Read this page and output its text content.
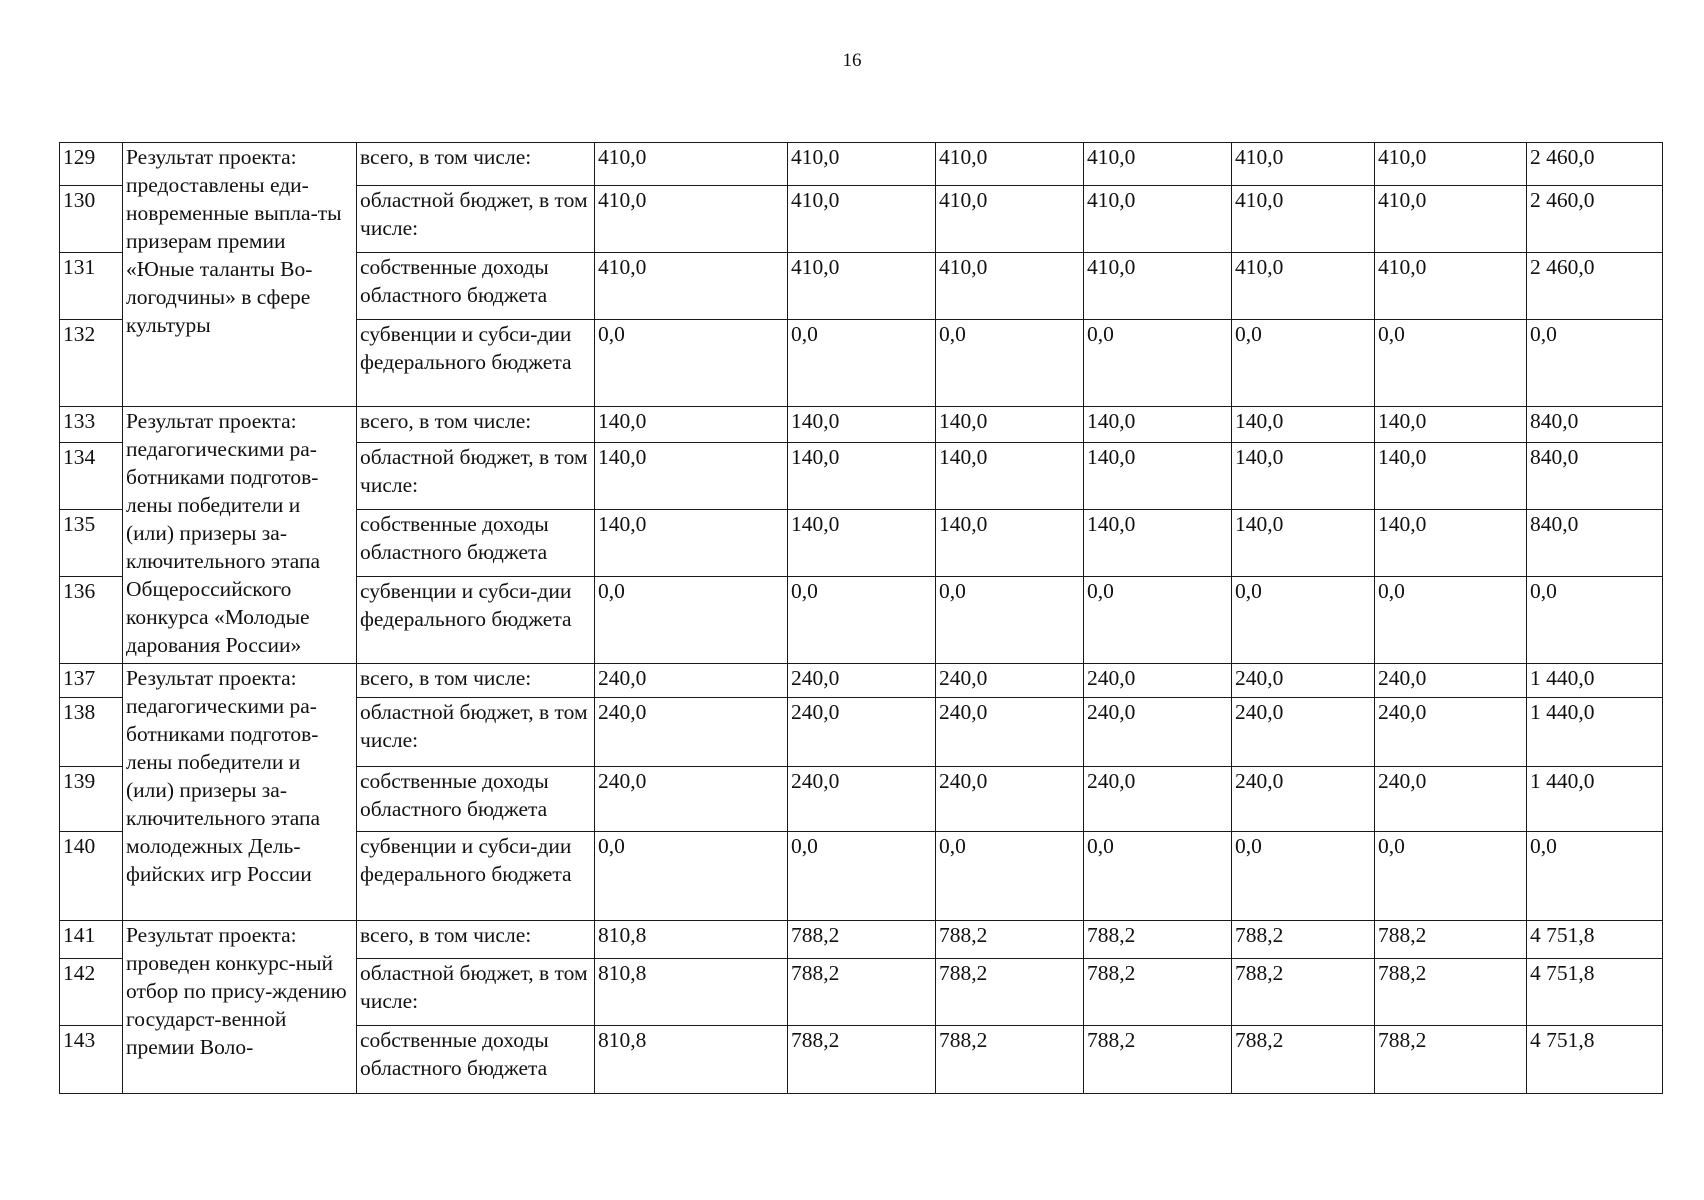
16
129	Результат проекта: предоставлены еди-новременные выпла-ты призерам премии «Юные таланты Во-логодчины» в сфере культуры	всего, в том числе:	410,0	410,0	410,0	410,0	410,0	410,0	2 460,0
130		областной бюджет, в том числе:	410,0	410,0	410,0	410,0	410,0	410,0	2 460,0
131		собственные доходы областного бюджета	410,0	410,0	410,0	410,0	410,0	410,0	2 460,0
132		субвенции и субси-дии федерального бюджета	0,0	0,0	0,0	0,0	0,0	0,0	0,0
133	Результат проекта: педагогическими ра-ботниками подготов-лены победители и (или) призеры за-ключительного этапа Общероссийского конкурса «Молодые дарования России»	всего, в том числе:	140,0	140,0	140,0	140,0	140,0	140,0	840,0
134		областной бюджет, в том числе:	140,0	140,0	140,0	140,0	140,0	140,0	840,0
135		собственные доходы областного бюджета	140,0	140,0	140,0	140,0	140,0	140,0	840,0
136		субвенции и субси-дии федерального бюджета	0,0	0,0	0,0	0,0	0,0	0,0	0,0
137	Результат проекта: педагогическими ра-ботниками подготов-лены победители и (или) призеры за-ключительного этапа молодежных Дель-фийских игр России	всего, в том числе:	240,0	240,0	240,0	240,0	240,0	240,0	1 440,0
138		областной бюджет, в том числе:	240,0	240,0	240,0	240,0	240,0	240,0	1 440,0
139		собственные доходы областного бюджета	240,0	240,0	240,0	240,0	240,0	240,0	1 440,0
140		субвенции и субси-дии федерального бюджета	0,0	0,0	0,0	0,0	0,0	0,0	0,0
141	Результат проекта: проведен конкурс-ный отбор по прису-ждению государст-венной премии Воло-	всего, в том числе:	810,8	788,2	788,2	788,2	788,2	788,2	4 751,8
142		областной бюджет, в том числе:	810,8	788,2	788,2	788,2	788,2	788,2	4 751,8
143		собственные доходы областного бюджета	810,8	788,2	788,2	788,2	788,2	788,2	4 751,8
